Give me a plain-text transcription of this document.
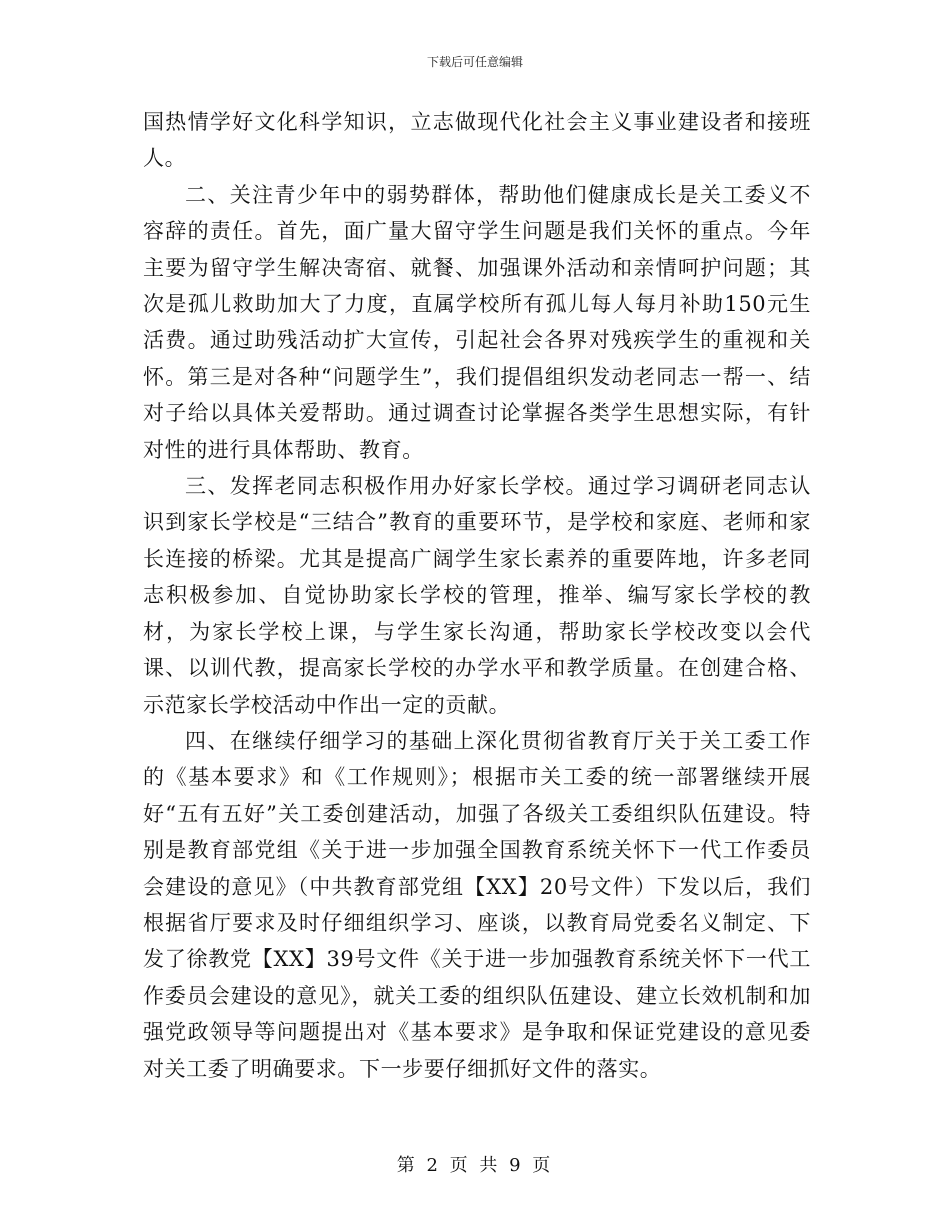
下载后可任意编辑

国热情学好文化科学知识，立志做现代化社会主义事业建设者和接班人。

二、关注青少年中的弱势群体，帮助他们健康成长是关工委义不容辞的责任。首先，面广量大留守学生问题是我们关怀的重点。今年主要为留守学生解决寄宿、就餐、加强课外活动和亲情呵护问题；其次是孤儿救助加大了力度，直属学校所有孤儿每人每月补助150元生活费。通过助残活动扩大宣传，引起社会各界对残疾学生的重视和关怀。第三是对各种“问题学生”，我们提倡组织发动老同志一帮一、结对子给以具体关爱帮助。通过调查讨论掌握各类学生思想实际，有针对性的进行具体帮助、教育。

三、发挥老同志积极作用办好家长学校。通过学习调研老同志认识到家长学校是“三结合”教育的重要环节，是学校和家庭、老师和家长连接的桥梁。尤其是提高广阔学生家长素养的重要阵地，许多老同志积极参加、自觉协助家长学校的管理，推举、编写家长学校的教材，为家长学校上课，与学生家长沟通，帮助家长学校改变以会代课、以训代教，提高家长学校的办学水平和教学质量。在创建合格、示范家长学校活动中作出一定的贡献。

四、在继续仔细学习的基础上深化贯彻省教育厅关于关工委工作的《基本要求》和《工作规则》；根据市关工委的统一部署继续开展好“五有五好”关工委创建活动，加强了各级关工委组织队伍建设。特别是教育部党组《关于进一步加强全国教育系统关怀下一代工作委员会建设的意见》（中共教育部党组【XX】20号文件）下发以后，我们根据省厅要求及时仔细组织学习、座谈，以教育局党委名义制定、下发了徐教党【XX】39号文件《关于进一步加强教育系统关怀下一代工作委员会建设的意见》，就关工委的组织队伍建设、建立长效机制和加强党政领导等问题提出对《基本要求》是争取和保证党建设的意见委对关工委了明确要求。下一步要仔细抓好文件的落实。

第 2 页 共 9 页
